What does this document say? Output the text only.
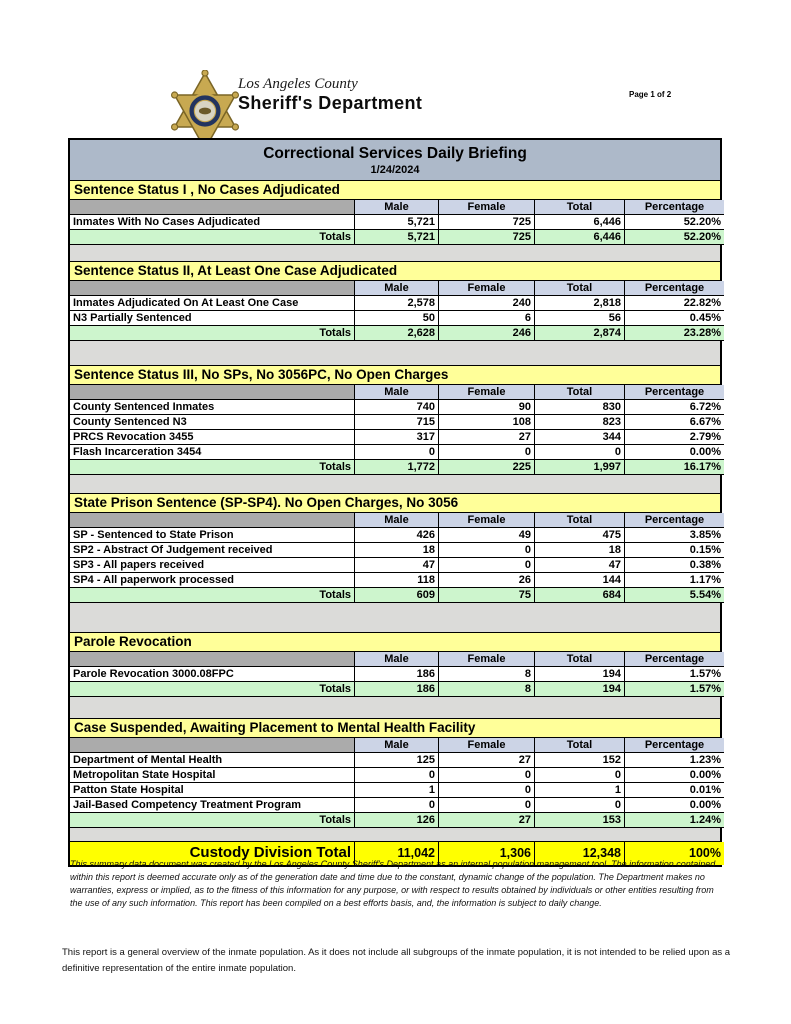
Los Angeles County
Sheriff's Department	Page 1 of 2
Correctional Services Daily Briefing
1/24/2024
Sentence Status I , No Cases Adjudicated
Male	Female	Total	Percentage
Inmates With No Cases Adjudicated	5,721	725	6,446	52.20%
Totals	5,721	725	6,446	52.20%
Sentence Status II, At Least One Case Adjudicated
Male	Female	Total	Percentage
Inmates Adjudicated On At Least One Case	2,578	240	2,818	22.82%
N3 Partially Sentenced	50	6	56	0.45%
Totals	2,628	246	2,874	23.28%
Sentence Status III, No SPs, No 3056PC, No Open Charges
Male	Female	Total	Percentage
County Sentenced Inmates	740	90	830	6.72%
County Sentenced N3	715	108	823	6.67%
PRCS Revocation 3455	317	27	344	2.79%
Flash Incarceration 3454	0	0	0	0.00%
Totals	1,772	225	1,997	16.17%
State Prison Sentence (SP-SP4). No Open Charges, No 3056
Male	Female	Total	Percentage
SP - Sentenced to State Prison	426	49	475	3.85%
SP2 - Abstract Of Judgement received	18	0	18	0.15%
SP3 - All papers received	47	0	47	0.38%
SP4 - All paperwork processed	118	26	144	1.17%
Totals	609	75	684	5.54%
Parole Revocation
Male	Female	Total	Percentage
Parole Revocation 3000.08FPC	186	8	194	1.57%
Totals	186	8	194	1.57%
Case Suspended, Awaiting Placement to Mental Health Facility
Male	Female	Total	Percentage
Department of Mental Health	125	27	152	1.23%
Metropolitan State Hospital	0	0	0	0.00%
Patton State Hospital	1	0	1	0.01%
Jail-Based Competency Treatment Program	0	0	0	0.00%
Totals	126	27	153	1.24%
Custody Division Total	11,042	1,306	12,348	100%
This summary data document was created by the Los Angeles County Sheriff's Department as an internal population management tool. The information contained within this report is deemed accurate only as of the generation date and time due to the constant, dynamic change of the population. The Department makes no warranties, express or implied, as to the fitness of this information for any purpose, or with respect to results obtained by individuals or other entities resulting from the use of any such information. This report has been compiled on a best efforts basis, and, the information is subject to daily change.
This report is a general overview of the inmate population. As it does not include all subgroups of the inmate population, it is not intended to be relied upon as a definitive representation of the entire inmate population.
